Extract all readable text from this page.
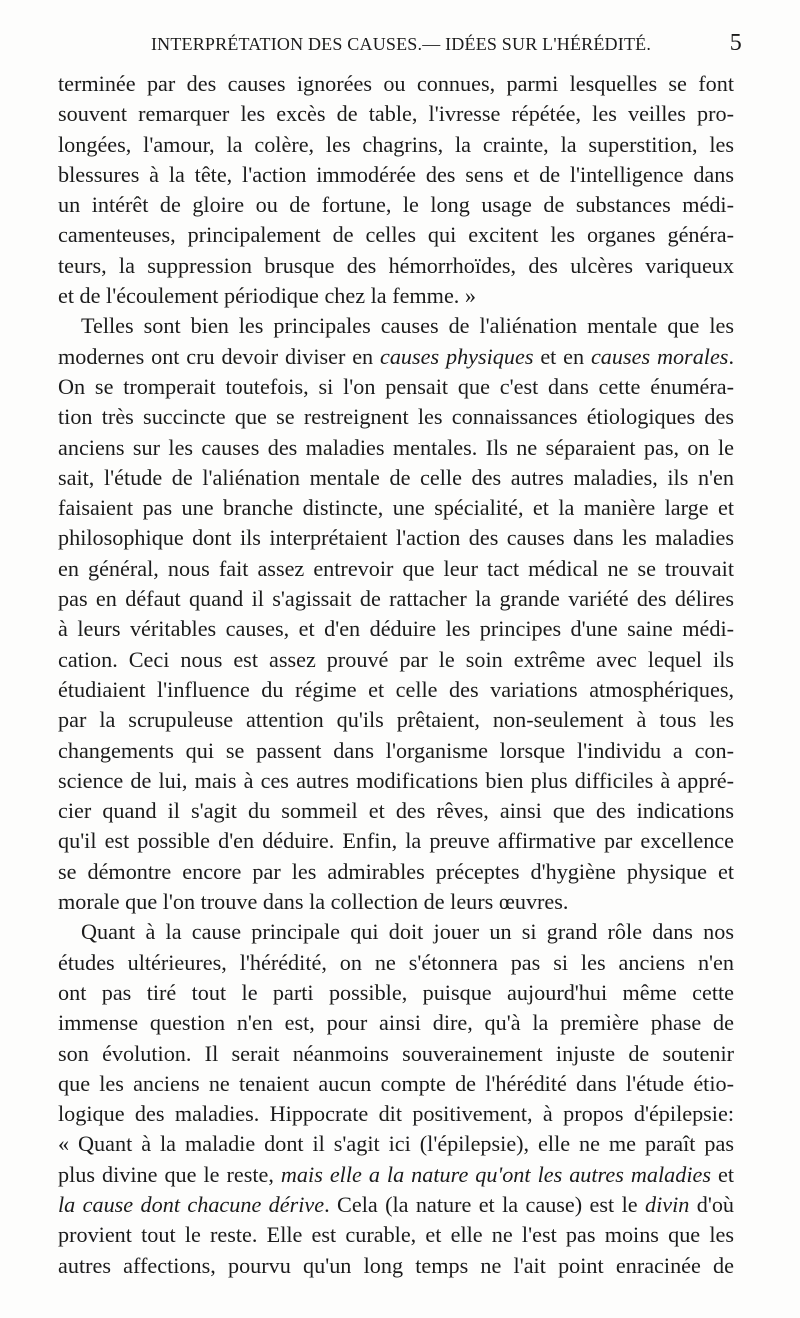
INTERPRÉTATION DES CAUSES.— IDÉES SUR L'HÉRÉDITÉ.	5
terminée par des causes ignorées ou connues, parmi lesquelles se font
souvent remarquer les excès de table, l'ivresse répétée, les veilles pro-
longées, l'amour, la colère, les chagrins, la crainte, la superstition, les
blessures à la tête, l'action immodérée des sens et de l'intelligence dans
un intérêt de gloire ou de fortune, le long usage de substances médi-
camenteuses, principalement de celles qui excitent les organes généra-
teurs, la suppression brusque des hémorrhoïdes, des ulcères variqueux
et de l'écoulement périodique chez la femme. »
Telles sont bien les principales causes de l'aliénation mentale que les
modernes ont cru devoir diviser en causes physiques et en causes morales.
On se tromperait toutefois, si l'on pensait que c'est dans cette énuméra-
tion très succincte que se restreignent les connaissances étiologiques des
anciens sur les causes des maladies mentales. Ils ne séparaient pas, on le
sait, l'étude de l'aliénation mentale de celle des autres maladies, ils n'en
faisaient pas une branche distincte, une spécialité, et la manière large et
philosophique dont ils interprétaient l'action des causes dans les maladies
en général, nous fait assez entrevoir que leur tact médical ne se trouvait
pas en défaut quand il s'agissait de rattacher la grande variété des délires
à leurs véritables causes, et d'en déduire les principes d'une saine médi-
cation. Ceci nous est assez prouvé par le soin extrême avec lequel ils
étudiaient l'influence du régime et celle des variations atmosphériques,
par la scrupuleuse attention qu'ils prêtaient, non-seulement à tous les
changements qui se passent dans l'organisme lorsque l'individu a con-
science de lui, mais à ces autres modifications bien plus difficiles à appré-
cier quand il s'agit du sommeil et des rêves, ainsi que des indications
qu'il est possible d'en déduire. Enfin, la preuve affirmative par excellence
se démontre encore par les admirables préceptes d'hygiène physique et
morale que l'on trouve dans la collection de leurs œuvres.
Quant à la cause principale qui doit jouer un si grand rôle dans nos
études ultérieures, l'hérédité, on ne s'étonnera pas si les anciens n'en
ont pas tiré tout le parti possible, puisque aujourd'hui même cette
immense question n'en est, pour ainsi dire, qu'à la première phase de
son évolution. Il serait néanmoins souverainement injuste de soutenir
que les anciens ne tenaient aucun compte de l'hérédité dans l'étude étio-
logique des maladies. Hippocrate dit positivement, à propos d'épilepsie:
« Quant à la maladie dont il s'agit ici (l'épilepsie), elle ne me paraît pas
plus divine que le reste, mais elle a la nature qu'ont les autres maladies et
la cause dont chacune dérive. Cela (la nature et la cause) est le divin d'où
provient tout le reste. Elle est curable, et elle ne l'est pas moins que les
autres affections, pourvu qu'un long temps ne l'ait point enracinée de
